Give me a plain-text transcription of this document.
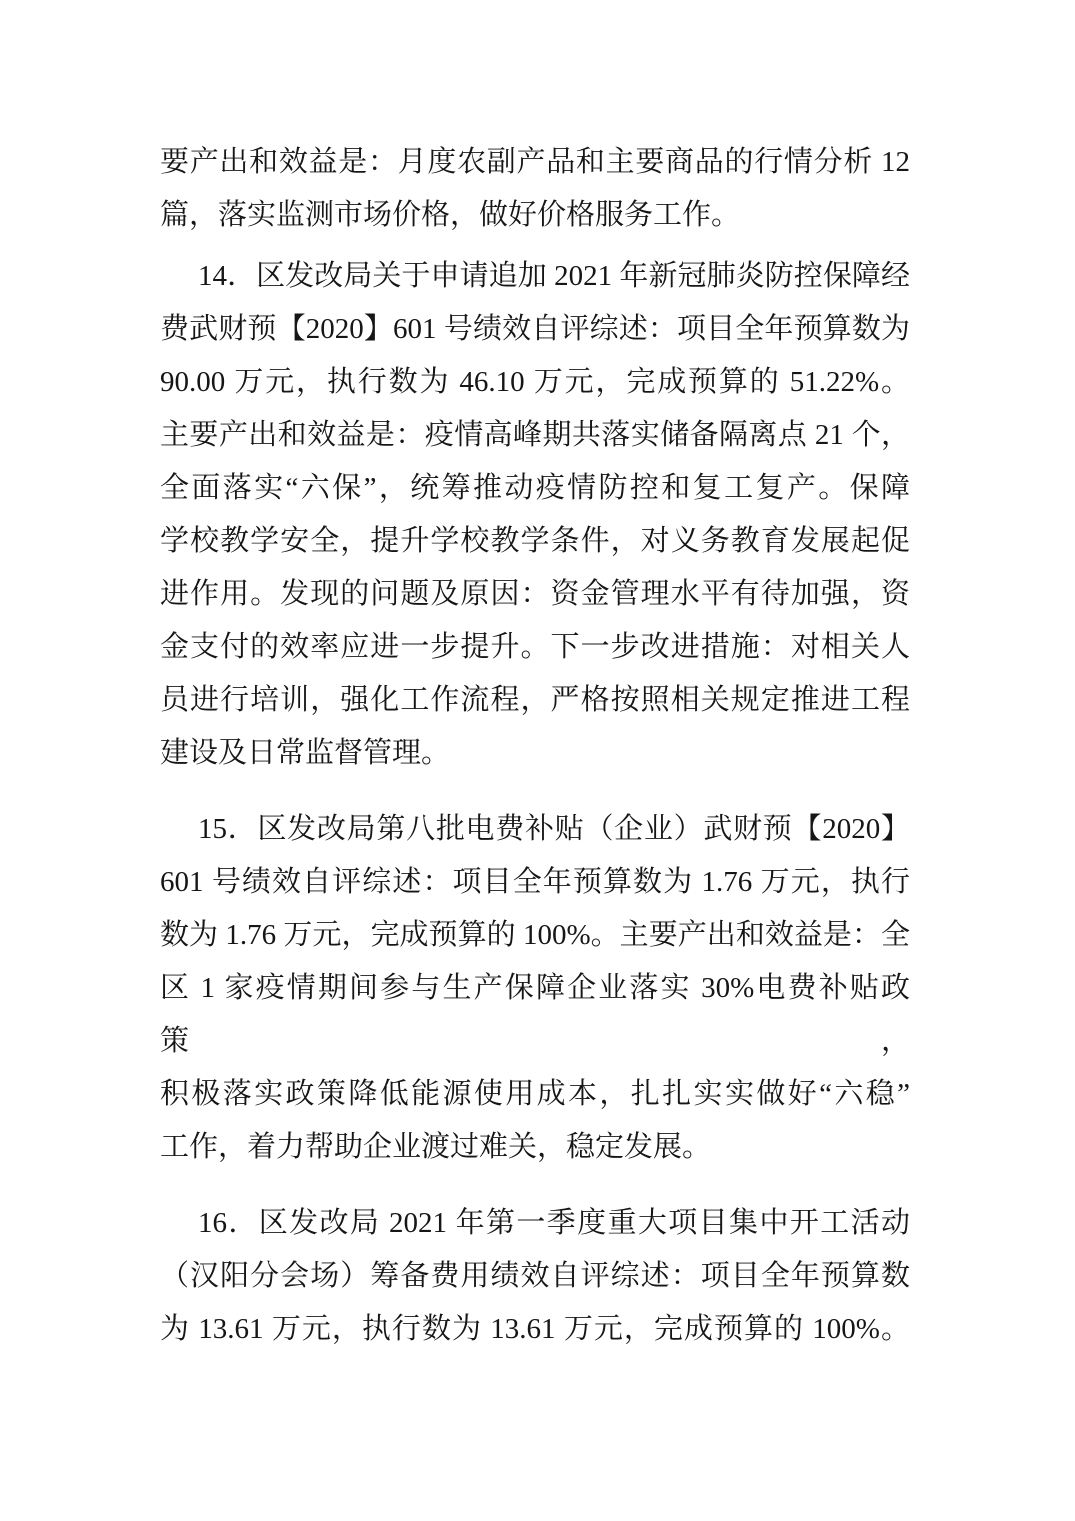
要产出和效益是：月度农副产品和主要商品的行情分析 12
篇，落实监测市场价格，做好价格服务工作。
14．区发改局关于申请追加 2021 年新冠肺炎防控保障经
费武财预【2020】601 号绩效自评综述：项目全年预算数为
90.00 万元，执行数为 46.10 万元，完成预算的 51.22%。
主要产出和效益是：疫情高峰期共落实储备隔离点 21 个，
全面落实“六保”，统筹推动疫情防控和复工复产。保障
学校教学安全，提升学校教学条件，对义务教育发展起促
进作用。发现的问题及原因：资金管理水平有待加强，资
金支付的效率应进一步提升。下一步改进措施：对相关人
员进行培训，强化工作流程，严格按照相关规定推进工程
建设及日常监督管理。
15．区发改局第八批电费补贴（企业）武财预【2020】
601 号绩效自评综述：项目全年预算数为 1.76 万元，执行
数为 1.76 万元，完成预算的 100%。主要产出和效益是：全
区 1 家疫情期间参与生产保障企业落实 30%电费补贴政策，
积极落实政策降低能源使用成本，扎扎实实做好“六稳”
工作，着力帮助企业渡过难关，稳定发展。
16．区发改局 2021 年第一季度重大项目集中开工活动
（汉阳分会场）筹备费用绩效自评综述：项目全年预算数
为 13.61 万元，执行数为 13.61 万元，完成预算的 100%。
